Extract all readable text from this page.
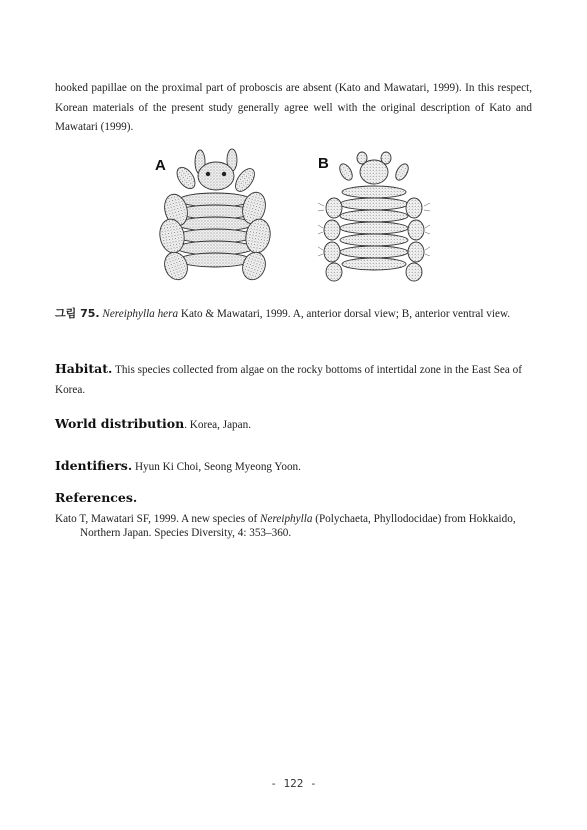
hooked papillae on the proximal part of proboscis are absent (Kato and Mawatari, 1999). In this respect, Korean materials of the present study generally agree well with the original description of Kato and Mawatari (1999).

A	B

그림 75. Nereiphylla hera Kato & Mawatari, 1999. A, anterior dorsal view; B, anterior ventral view.

Habitat. This species collected from algae on the rocky bottoms of intertidal zone in the East Sea of Korea.

World distribution. Korea, Japan.

Identifiers. Hyun Ki Choi, Seong Myeong Yoon.

References.

Kato T, Mawatari SF, 1999. A new species of Nereiphylla (Polychaeta, Phyllodocidae) from Hokkaido, Northern Japan. Species Diversity, 4: 353–360.

- 122 -
